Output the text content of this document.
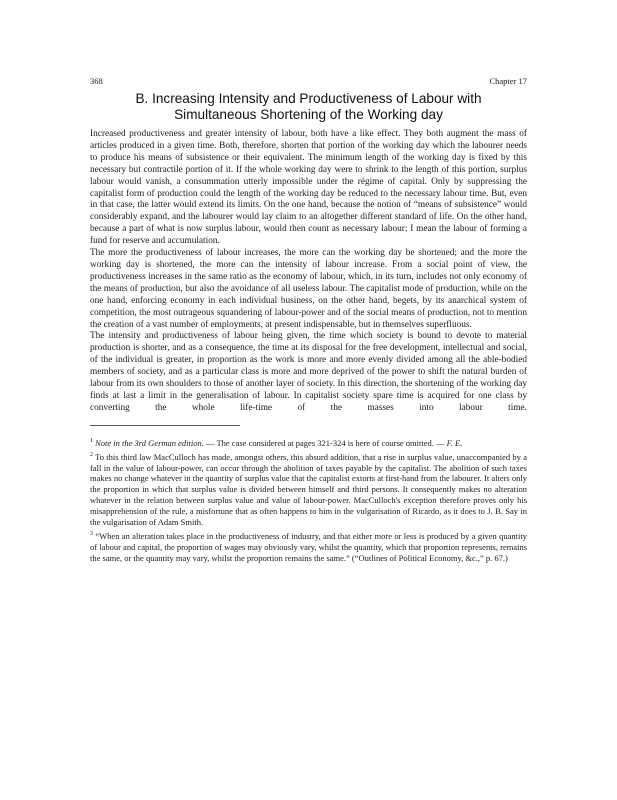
368	Chapter 17
B. Increasing Intensity and Productiveness of Labour with
Simultaneous Shortening of the Working day

Increased productiveness and greater intensity of labour, both have a like effect. They both augment the mass of articles produced in a given time. Both, therefore, shorten that portion of the working day which the labourer needs to produce his means of subsistence or their equivalent. The minimum length of the working day is fixed by this necessary but contractile portion of it. If the whole working day were to shrink to the length of this portion, surplus labour would vanish, a consummation utterly impossible under the régime of capital. Only by suppressing the capitalist form of production could the length of the working day be reduced to the necessary labour time. But, even in that case, the latter would extend its limits. On the one hand, because the notion of “means of subsistence” would considerably expand, and the labourer would lay claim to an altogether different standard of life. On the other hand, because a part of what is now surplus labour, would then count as necessary labour; I mean the labour of forming a fund for reserve and accumulation.

The more the productiveness of labour increases, the more can the working day be shortened; and the more the working day is shortened, the more can the intensity of labour increase. From a social point of view, the productiveness increases in the same ratio as the economy of labour, which, in its turn, includes not only economy of the means of production, but also the avoidance of all useless labour. The capitalist mode of production, while on the one hand, enforcing economy in each individual business, on the other hand, begets, by its anarchical system of competition, the most outrageous squandering of labour-power and of the social means of production, not to mention the creation of a vast number of employments, at present indispensable, but in themselves superfluous.

The intensity and productiveness of labour being given, the time which society is bound to devote to material production is shorter, and as a consequence, the time at its disposal for the free development, intellectual and social, of the individual is greater, in proportion as the work is more and more evenly divided among all the able-bodied members of society, and as a particular class is more and more deprived of the power to shift the natural burden of labour from its own shoulders to those of another layer of society. In this direction, the shortening of the working day finds at last a limit in the generalisation of labour. In capitalist society spare time is acquired for one class by converting the whole life-time of the masses into labour time.

$^1$ Note in the 3rd German edition. — The case considered at pages 321-324 is here of course omitted. — F. E.

$^2$ To this third law MacCulloch has made, amongst others, this absurd addition, that a rise in surplus value, unaccompanied by a fall in the value of labour-power, can occur through the abolition of taxes payable by the capitalist. The abolition of such taxes makes no change whatever in the quantity of surplus value that the capitalist extorts at first-hand from the labourer. It alters only the proportion in which that surplus value is divided between himself and third persons. It consequently makes no alteration whatever in the relation between surplus value and value of labour-power. MacCulloch's exception therefore proves only his misapprehension of the rule, a misfortune that as often happens to him in the vulgarisation of Ricardo, as it does to J. B. Say in the vulgarisation of Adam Smith.

$^3$ “When an alteration takes place in the productiveness of industry, and that either more or less is produced by a given quantity of labour and capital, the proportion of wages may obviously vary, whilst the quantity, which that proportion represents, remains the same, or the quantity may vary, whilst the proportion remains the same.” (“Outlines of Political Economy, &c.,” p. 67.)
